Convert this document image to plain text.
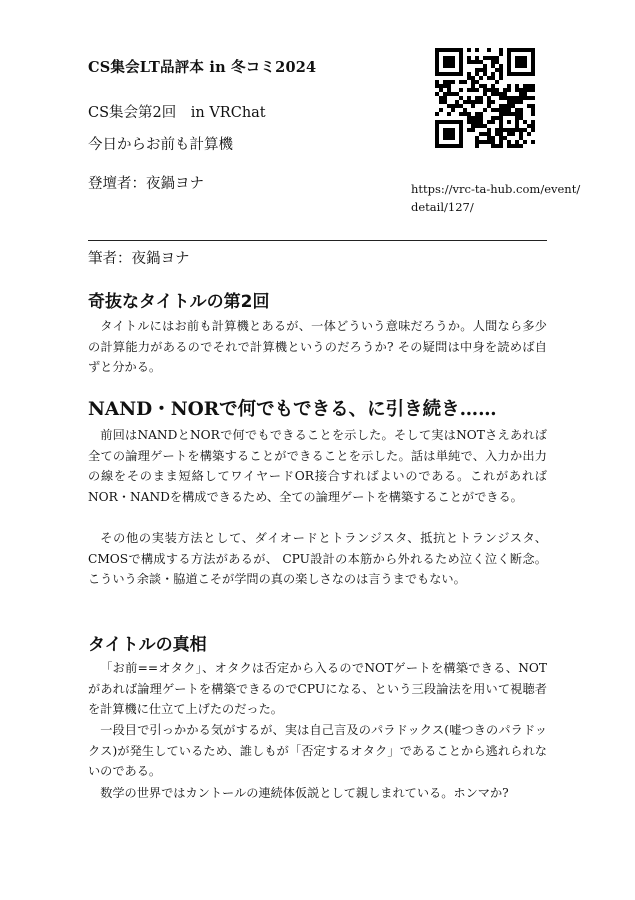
CS集会LT品評本 in 冬コミ2024
CS集会第2回　in VRChat
今日からお前も計算機
登壇者：夜鍋ヨナ	https://vrc-ta-hub.com/event/detail/127/
筆者：夜鍋ヨナ
奇抜なタイトルの第2回

タイトルにはお前も計算機とあるが、一体どういう意味だろうか。人間なら多少の計算能力があるのでそれで計算機というのだろうか? その疑問は中身を読めば自ずと分かる。

NAND・NORで何でもできる、に引き続き……

前回はNANDとNORで何でもできることを示した。そして実はNOTさえあれば全ての論理ゲートを構築することができることを示した。話は単純で、入力か出力の線をそのまま短絡してワイヤードOR接合すればよいのである。これがあればNOR・NANDを構成できるため、全ての論理ゲートを構築することができる。

その他の実装方法として、ダイオードとトランジスタ、抵抗とトランジスタ、CMOSで構成する方法があるが、 CPU設計の本筋から外れるため泣く泣く断念。こういう余談・脇道こそが学問の真の楽しさなのは言うまでもない。

タイトルの真相

「お前==オタク」、オタクは否定から入るのでNOTゲートを構築できる、NOTがあれば論理ゲートを構築できるのでCPUになる、という三段論法を用いて視聴者を計算機に仕立て上げたのだった。

一段目で引っかかる気がするが、実は自己言及のパラドックス(嘘つきのパラドックス)が発生しているため、誰しもが「否定するオタク」であることから逃れられないのである。

数学の世界ではカントールの連続体仮説として親しまれている。ホンマか?
